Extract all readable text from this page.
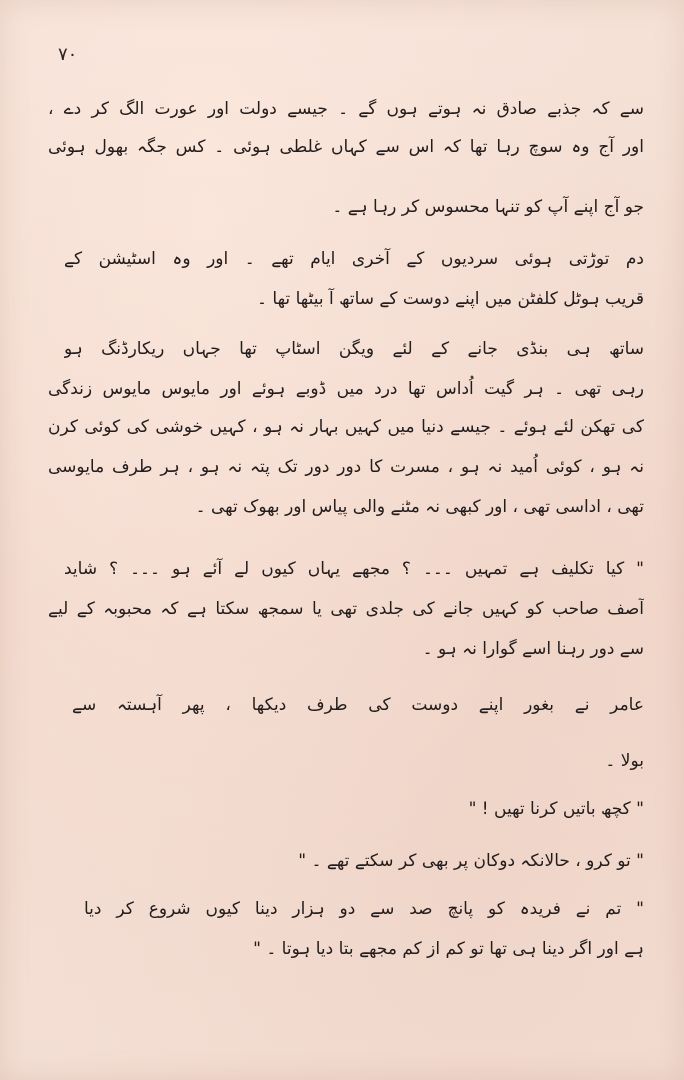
۷۰
سے کہ جذبے صادق نہ ہوتے ہوں گے ۔ جیسے دولت اور عورت الگ کر دے ،
اور آج وہ سوچ رہا تھا کہ اس سے کہاں غلطی ہوئی ۔ کس جگہ بھول ہوئی
جو آج اپنے آپ کو تنہا محسوس کر رہا ہے ۔
دم توڑتی ہوئی سردیوں کے آخری ایام تھے ۔ اور وہ اسٹیشن کے
قریب ہوٹل کلفٹن میں اپنے دوست کے ساتھ آ بیٹھا تھا ۔
ساتھ ہی بنڈی جانے کے لئے ویگن اسٹاپ تھا جہاں ریکارڈنگ ہو
رہی تھی ۔ ہر گیت اُداس تھا درد میں ڈوبے ہوئے اور مایوس مایوس زندگی
کی تھکن لئے ہوئے ۔ جیسے دنیا میں کہیں بہار نہ ہو ، کہیں خوشی کی کوئی کرن
نہ ہو ، کوئی اُمید نہ ہو ، مسرت کا دور دور تک پتہ نہ ہو ، ہر طرف مایوسی
تھی ، اداسی تھی ، اور کبھی نہ مٹنے والی پیاس اور بھوک تھی ۔
" کیا تکلیف ہے تمہیں ۔۔۔ ؟ مجھے یہاں کیوں لے آئے ہو ۔۔۔ ؟ شاید
آصف صاحب کو کہیں جانے کی جلدی تھی یا سمجھ سکتا ہے کہ محبوبہ کے لیے
سے دور رہنا اسے گوارا نہ ہو ۔
عامر نے بغور اپنے دوست کی طرف دیکھا ، پھر آہستہ سے
بولا ۔
" کچھ باتیں کرنا تھیں ! "
" تو کرو ، حالانکہ دوکان پر بھی کر سکتے تھے ۔ "
" تم نے فریدہ کو پانچ صد سے دو ہزار دینا کیوں شروع کر دیا
ہے اور اگر دینا ہی تھا تو کم از کم مجھے بتا دیا ہوتا ۔ "
